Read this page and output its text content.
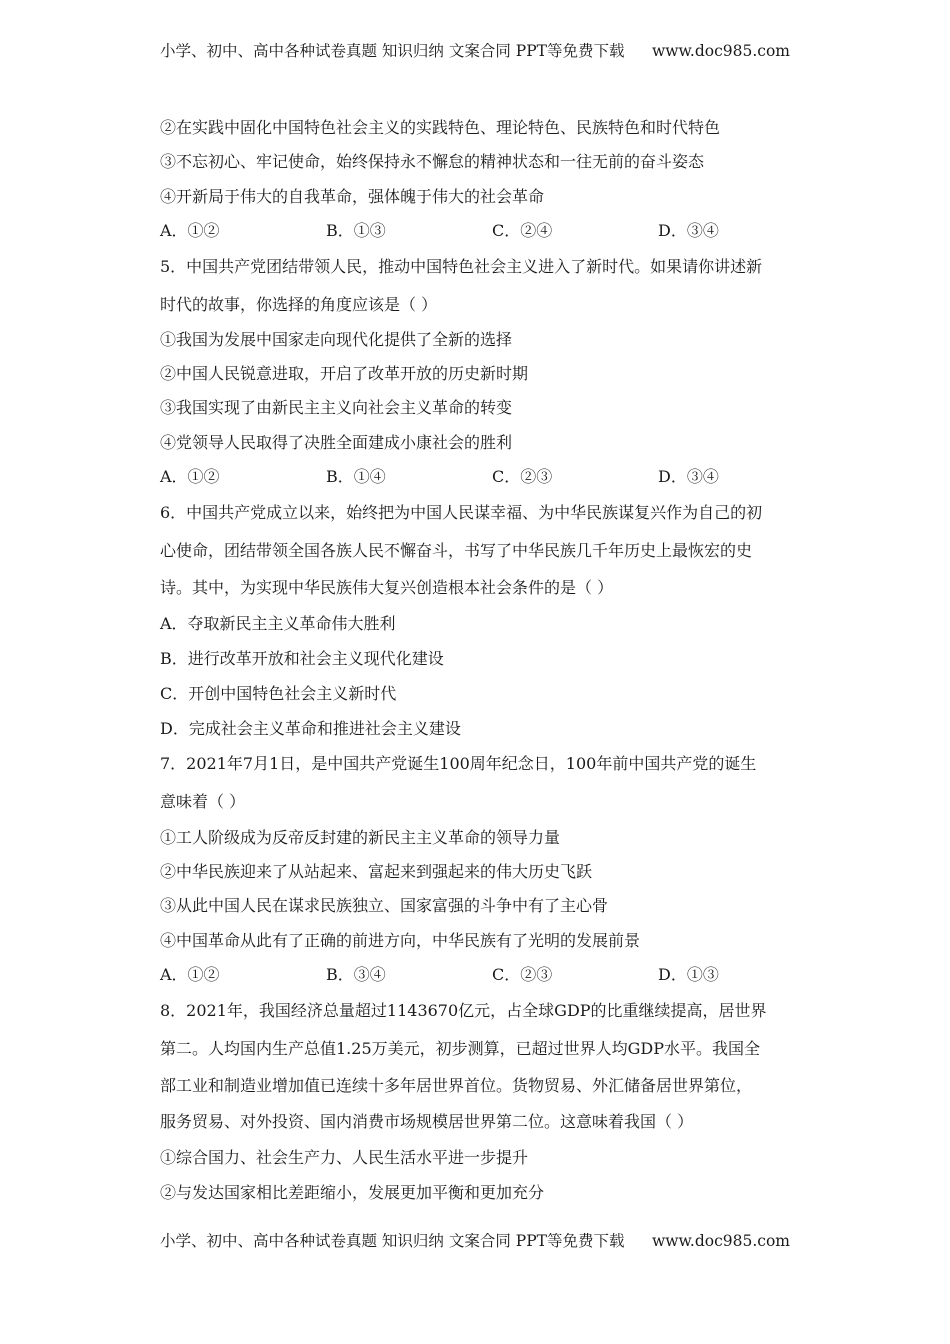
小学、初中、高中各种试卷真题 知识归纳 文案合同 PPT等免费下载 www.doc985.com
②在实践中固化中国特色社会主义的实践特色、理论特色、民族特色和时代特色
③不忘初心、牢记使命，始终保持永不懈怠的精神状态和一往无前的奋斗姿态
④开新局于伟大的自我革命，强体魄于伟大的社会革命
A．①②	B．①③	C．②④	D．③④
5．中国共产党团结带领人民，推动中国特色社会主义进入了新时代。如果请你讲述新
时代的故事，你选择的角度应该是（ ）
①我国为发展中国家走向现代化提供了全新的选择
②中国人民锐意进取，开启了改革开放的历史新时期
③我国实现了由新民主主义向社会主义革命的转变
④党领导人民取得了决胜全面建成小康社会的胜利
A．①②	B．①④	C．②③	D．③④
6．中国共产党成立以来，始终把为中国人民谋幸福、为中华民族谋复兴作为自己的初
心使命，团结带领全国各族人民不懈奋斗，书写了中华民族几千年历史上最恢宏的史
诗。其中，为实现中华民族伟大复兴创造根本社会条件的是（ ）
A．夺取新民主主义革命伟大胜利
B．进行改革开放和社会主义现代化建设
C．开创中国特色社会主义新时代
D．完成社会主义革命和推进社会主义建设
7．2021年7月1日，是中国共产党诞生100周年纪念日，100年前中国共产党的诞生
意味着（ ）
①工人阶级成为反帝反封建的新民主主义革命的领导力量
②中华民族迎来了从站起来、富起来到强起来的伟大历史飞跃
③从此中国人民在谋求民族独立、国家富强的斗争中有了主心骨
④中国革命从此有了正确的前进方向，中华民族有了光明的发展前景
A．①②	B．③④	C．②③	D．①③
8．2021年，我国经济总量超过1143670亿元，占全球GDP的比重继续提高，居世界
第二。人均国内生产总值1.25万美元，初步测算，已超过世界人均GDP水平。我国全
部工业和制造业增加值已连续十多年居世界首位。货物贸易、外汇储备居世界第位，
服务贸易、对外投资、国内消费市场规模居世界第二位。这意味着我国（ ）
①综合国力、社会生产力、人民生活水平进一步提升
②与发达国家相比差距缩小，发展更加平衡和更加充分
小学、初中、高中各种试卷真题 知识归纳 文案合同 PPT等免费下载 www.doc985.com
